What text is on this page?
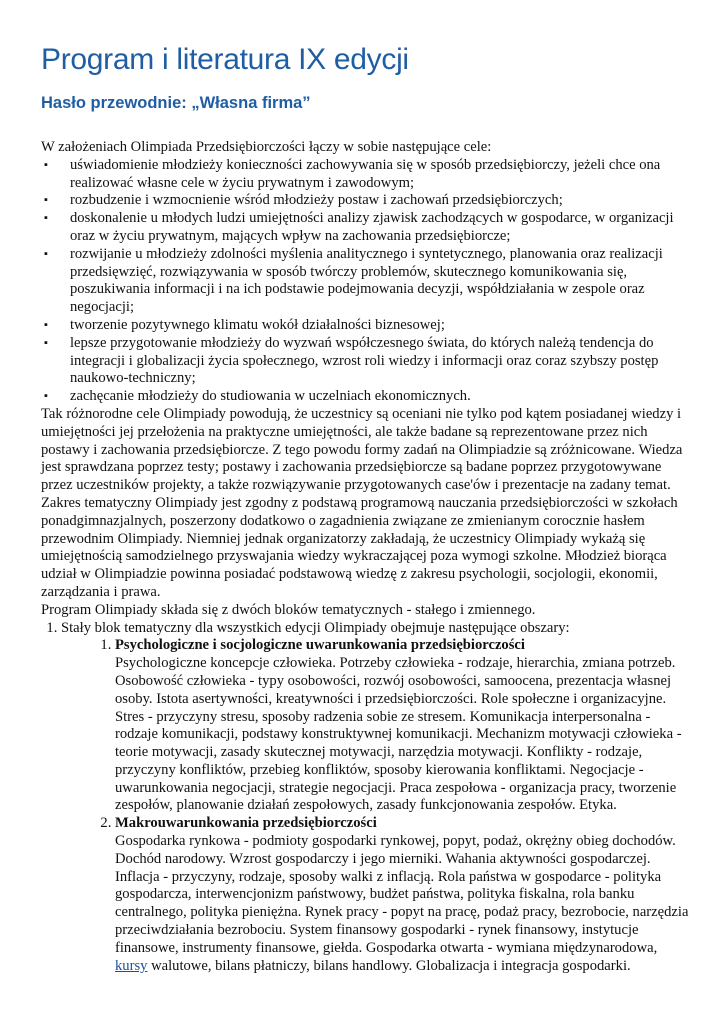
Program i literatura IX edycji
Hasło przewodnie: „Własna firma”

W założeniach Olimpiada Przedsiębiorczości łączy w sobie następujące cele:

▪ uświadomienie młodzieży konieczności zachowywania się w sposób przedsiębiorczy, jeżeli chce ona realizować własne cele w życiu prywatnym i zawodowym;
▪ rozbudzenie i wzmocnienie wśród młodzieży postaw i zachowań przedsiębiorczych;
▪ doskonalenie u młodych ludzi umiejętności analizy zjawisk zachodzących w gospodarce, w organizacji oraz w życiu prywatnym, mających wpływ na zachowania przedsiębiorcze;
▪ rozwijanie u młodzieży zdolności myślenia analitycznego i syntetycznego, planowania oraz realizacji przedsięwzięć, rozwiązywania w sposób twórczy problemów, skutecznego komunikowania się, poszukiwania informacji i na ich podstawie podejmowania decyzji, współdziałania w zespole oraz negocjacji;
▪ tworzenie pozytywnego klimatu wokół działalności biznesowej;
▪ lepsze przygotowanie młodzieży do wyzwań współczesnego świata, do których należą tendencja do integracji i globalizacji życia społecznego, wzrost roli wiedzy i informacji oraz coraz szybszy postęp naukowo-techniczny;
▪ zachęcanie młodzieży do studiowania w uczelniach ekonomicznych.

Tak różnorodne cele Olimpiady powodują, że uczestnicy są oceniani nie tylko pod kątem posiadanej wiedzy i umiejętności jej przełożenia na praktyczne umiejętności, ale także badane są reprezentowane przez nich postawy i zachowania przedsiębiorcze. Z tego powodu formy zadań na Olimpiadzie są zróżnicowane. Wiedza jest sprawdzana poprzez testy; postawy i zachowania przedsiębiorcze są badane poprzez przygotowywane przez uczestników projekty, a także rozwiązywanie przygotowanych case'ów i prezentacje na zadany temat.

Zakres tematyczny Olimpiady jest zgodny z podstawą programową nauczania przedsiębiorczości w szkołach ponadgimnazjalnych, poszerzony dodatkowo o zagadnienia związane ze zmienianym corocznie hasłem przewodnim Olimpiady. Niemniej jednak organizatorzy zakładają, że uczestnicy Olimpiady wykażą się umiejętnością samodzielnego przyswajania wiedzy wykraczającej poza wymogi szkolne. Młodzież biorąca udział w Olimpiadzie powinna posiadać podstawową wiedzę z zakresu psychologii, socjologii, ekonomii, zarządzania i prawa.

Program Olimpiady składa się z dwóch bloków tematycznych - stałego i zmiennego.

1. Stały blok tematyczny dla wszystkich edycji Olimpiady obejmuje następujące obszary:
1. Psychologiczne i socjologiczne uwarunkowania przedsiębiorczości
Psychologiczne koncepcje człowieka. Potrzeby człowieka - rodzaje, hierarchia, zmiana potrzeb. Osobowość człowieka - typy osobowości, rozwój osobowości, samoocena, prezentacja własnej osoby. Istota asertywności, kreatywności i przedsiębiorczości. Role społeczne i organizacyjne. Stres - przyczyny stresu, sposoby radzenia sobie ze stresem. Komunikacja interpersonalna - rodzaje komunikacji, podstawy konstruktywnej komunikacji. Mechanizm motywacji człowieka - teorie motywacji, zasady skutecznej motywacji, narzędzia motywacji. Konflikty - rodzaje, przyczyny konfliktów, przebieg konfliktów, sposoby kierowania konfliktami. Negocjacje - uwarunkowania negocjacji, strategie negocjacji. Praca zespołowa - organizacja pracy, tworzenie zespołów, planowanie działań zespołowych, zasady funkcjonowania zespołów. Etyka.
2. Makrouwarunkowania przedsiębiorczości
Gospodarka rynkowa - podmioty gospodarki rynkowej, popyt, podaż, okrężny obieg dochodów. Dochód narodowy. Wzrost gospodarczy i jego mierniki. Wahania aktywności gospodarczej. Inflacja - przyczyny, rodzaje, sposoby walki z inflacją. Rola państwa w gospodarce - polityka gospodarcza, interwencjonizm państwowy, budżet państwa, polityka fiskalna, rola banku centralnego, polityka pieniężna. Rynek pracy - popyt na pracę, podaż pracy, bezrobocie, narzędzia przeciwdziałania bezrobociu. System finansowy gospodarki - rynek finansowy, instytucje finansowe, instrumenty finansowe, giełda. Gospodarka otwarta - wymiana międzynarodowa, kursy walutowe, bilans płatniczy, bilans handlowy. Globalizacja i integracja gospodarki.
